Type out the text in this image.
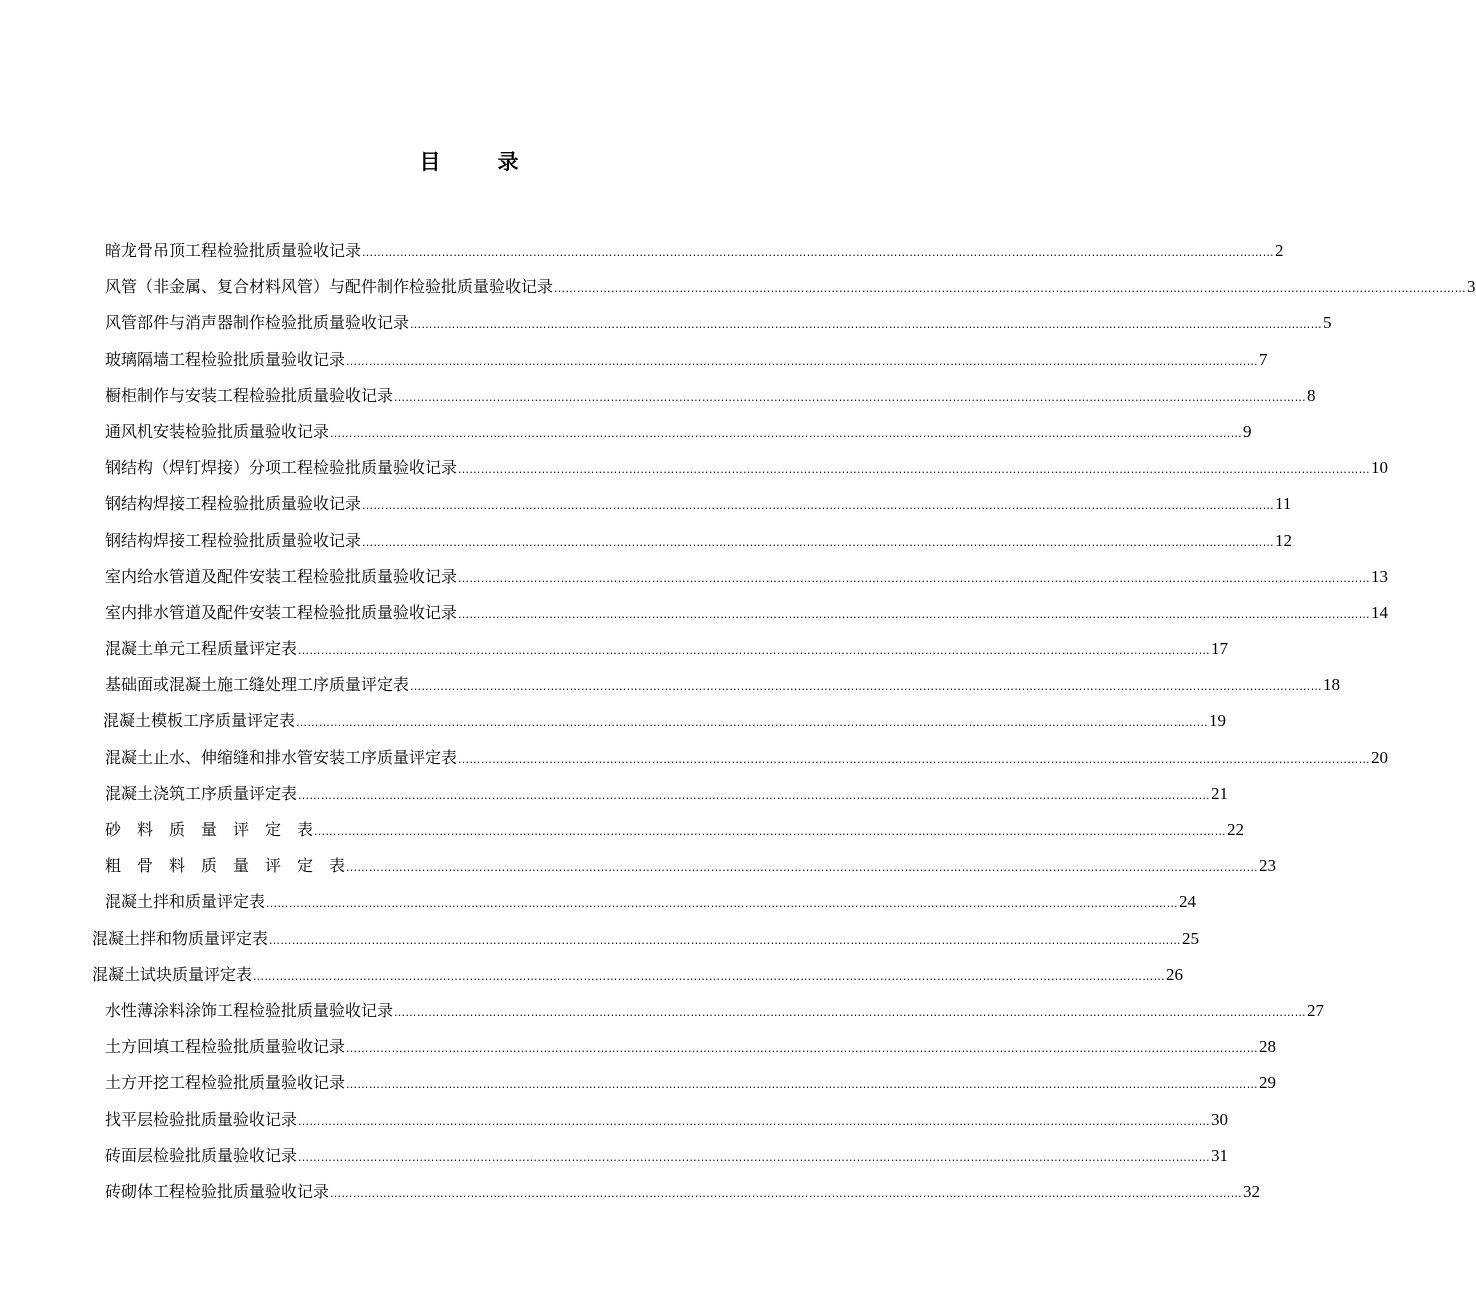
目　录
暗龙骨吊顶工程检验批质量验收记录 …………………………………………………………………………………………………………………………………………………………………………………………………………………… 2
风管（非金属、复合材料风管）与配件制作检验批质量验收记录 …………………………………………………………………………………………………………………………………………………………………………………………………………………… 3
风管部件与消声器制作检验批质量验收记录 …………………………………………………………………………………………………………………………………………………………………………………………………………………… 5
玻璃隔墙工程检验批质量验收记录 …………………………………………………………………………………………………………………………………………………………………………………………………………………… 7
橱柜制作与安装工程检验批质量验收记录 …………………………………………………………………………………………………………………………………………………………………………………………………………………… 8
通风机安装检验批质量验收记录 …………………………………………………………………………………………………………………………………………………………………………………………………………………… 9
钢结构（焊钉焊接）分项工程检验批质量验收记录 …………………………………………………………………………………………………………………………………………………………………………………………………………………… 10
钢结构焊接工程检验批质量验收记录 …………………………………………………………………………………………………………………………………………………………………………………………………………………… 11
钢结构焊接工程检验批质量验收记录 …………………………………………………………………………………………………………………………………………………………………………………………………………………… 12
室内给水管道及配件安装工程检验批质量验收记录 …………………………………………………………………………………………………………………………………………………………………………………………………………………… 13
室内排水管道及配件安装工程检验批质量验收记录 …………………………………………………………………………………………………………………………………………………………………………………………………………………… 14
混凝土单元工程质量评定表 …………………………………………………………………………………………………………………………………………………………………………………………………………………… 17
基础面或混凝土施工缝处理工序质量评定表 …………………………………………………………………………………………………………………………………………………………………………………………………………………… 18
混凝土模板工序质量评定表 …………………………………………………………………………………………………………………………………………………………………………………………………………………… 19
混凝土止水、伸缩缝和排水管安装工序质量评定表 …………………………………………………………………………………………………………………………………………………………………………………………………………………… 20
混凝土浇筑工序质量评定表 …………………………………………………………………………………………………………………………………………………………………………………………………………………… 21
砂　料　质　量　评　定　表 …………………………………………………………………………………………………………………………………………………………………………………………………………………… 22
粗　骨　料　质　量　评　定　表 …………………………………………………………………………………………………………………………………………………………………………………………………………………… 23
混凝土拌和质量评定表 …………………………………………………………………………………………………………………………………………………………………………………………………………………… 24
混凝土拌和物质量评定表 …………………………………………………………………………………………………………………………………………………………………………………………………………………… 25
混凝土试块质量评定表 …………………………………………………………………………………………………………………………………………………………………………………………………………………… 26
水性薄涂料涂饰工程检验批质量验收记录 …………………………………………………………………………………………………………………………………………………………………………………………………………………… 27
土方回填工程检验批质量验收记录 …………………………………………………………………………………………………………………………………………………………………………………………………………………… 28
土方开挖工程检验批质量验收记录 …………………………………………………………………………………………………………………………………………………………………………………………………………………… 29
找平层检验批质量验收记录 …………………………………………………………………………………………………………………………………………………………………………………………………………………… 30
砖面层检验批质量验收记录 …………………………………………………………………………………………………………………………………………………………………………………………………………………… 31
砖砌体工程检验批质量验收记录 …………………………………………………………………………………………………………………………………………………………………………………………………………………… 32
